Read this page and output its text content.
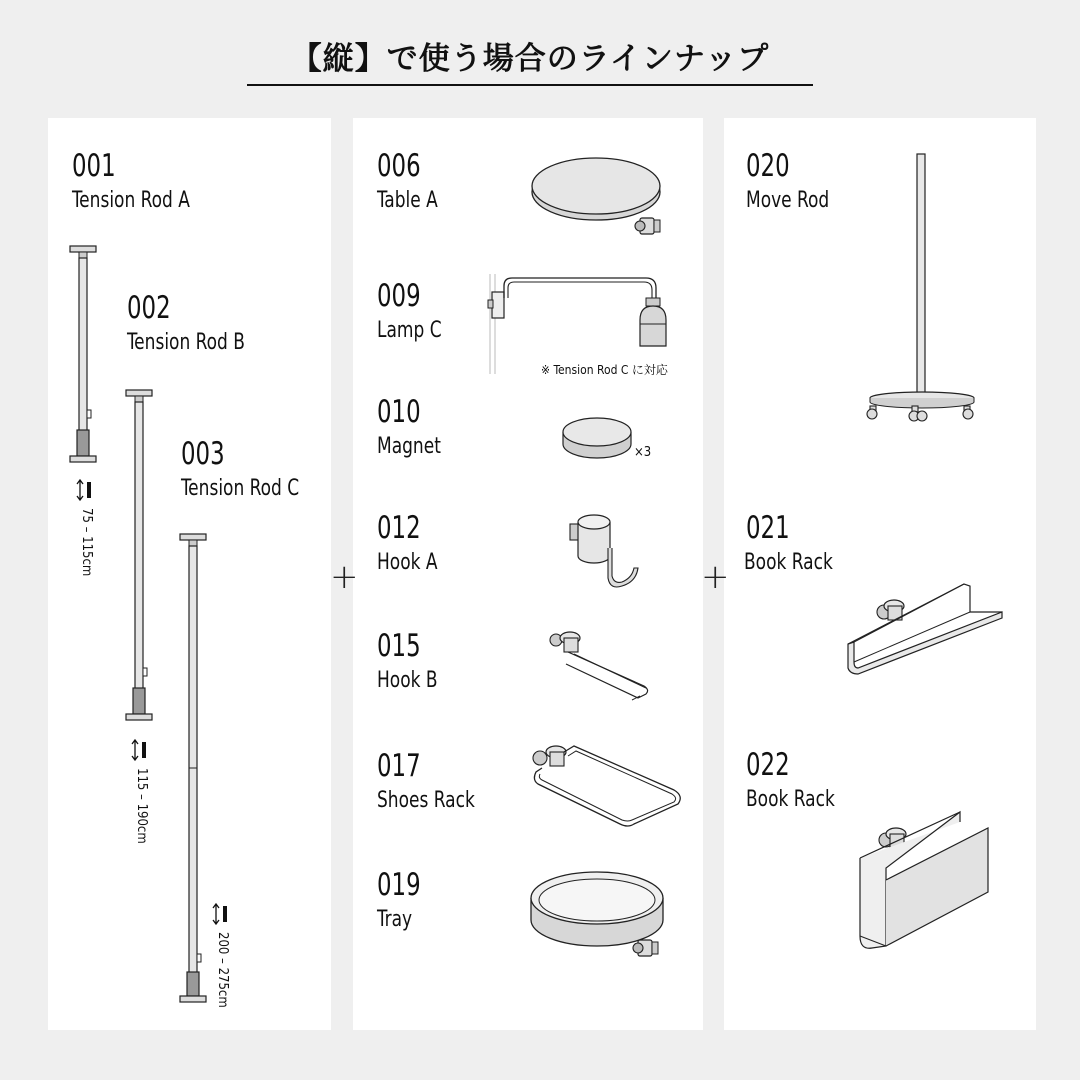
【縦】で使う場合のラインナップ
+	+
001
Tension Rod A
002
Tension Rod B
003
Tension Rod C
75 – 115cm
115 – 190cm
200 – 275cm
006
Table A
009
Lamp C
※ Tension Rod C に対応
010
Magnet	×3
012
Hook A
015
Hook B
017
Shoes Rack
019
Tray
020
Move Rod
021
Book Rack
022
Book Rack
